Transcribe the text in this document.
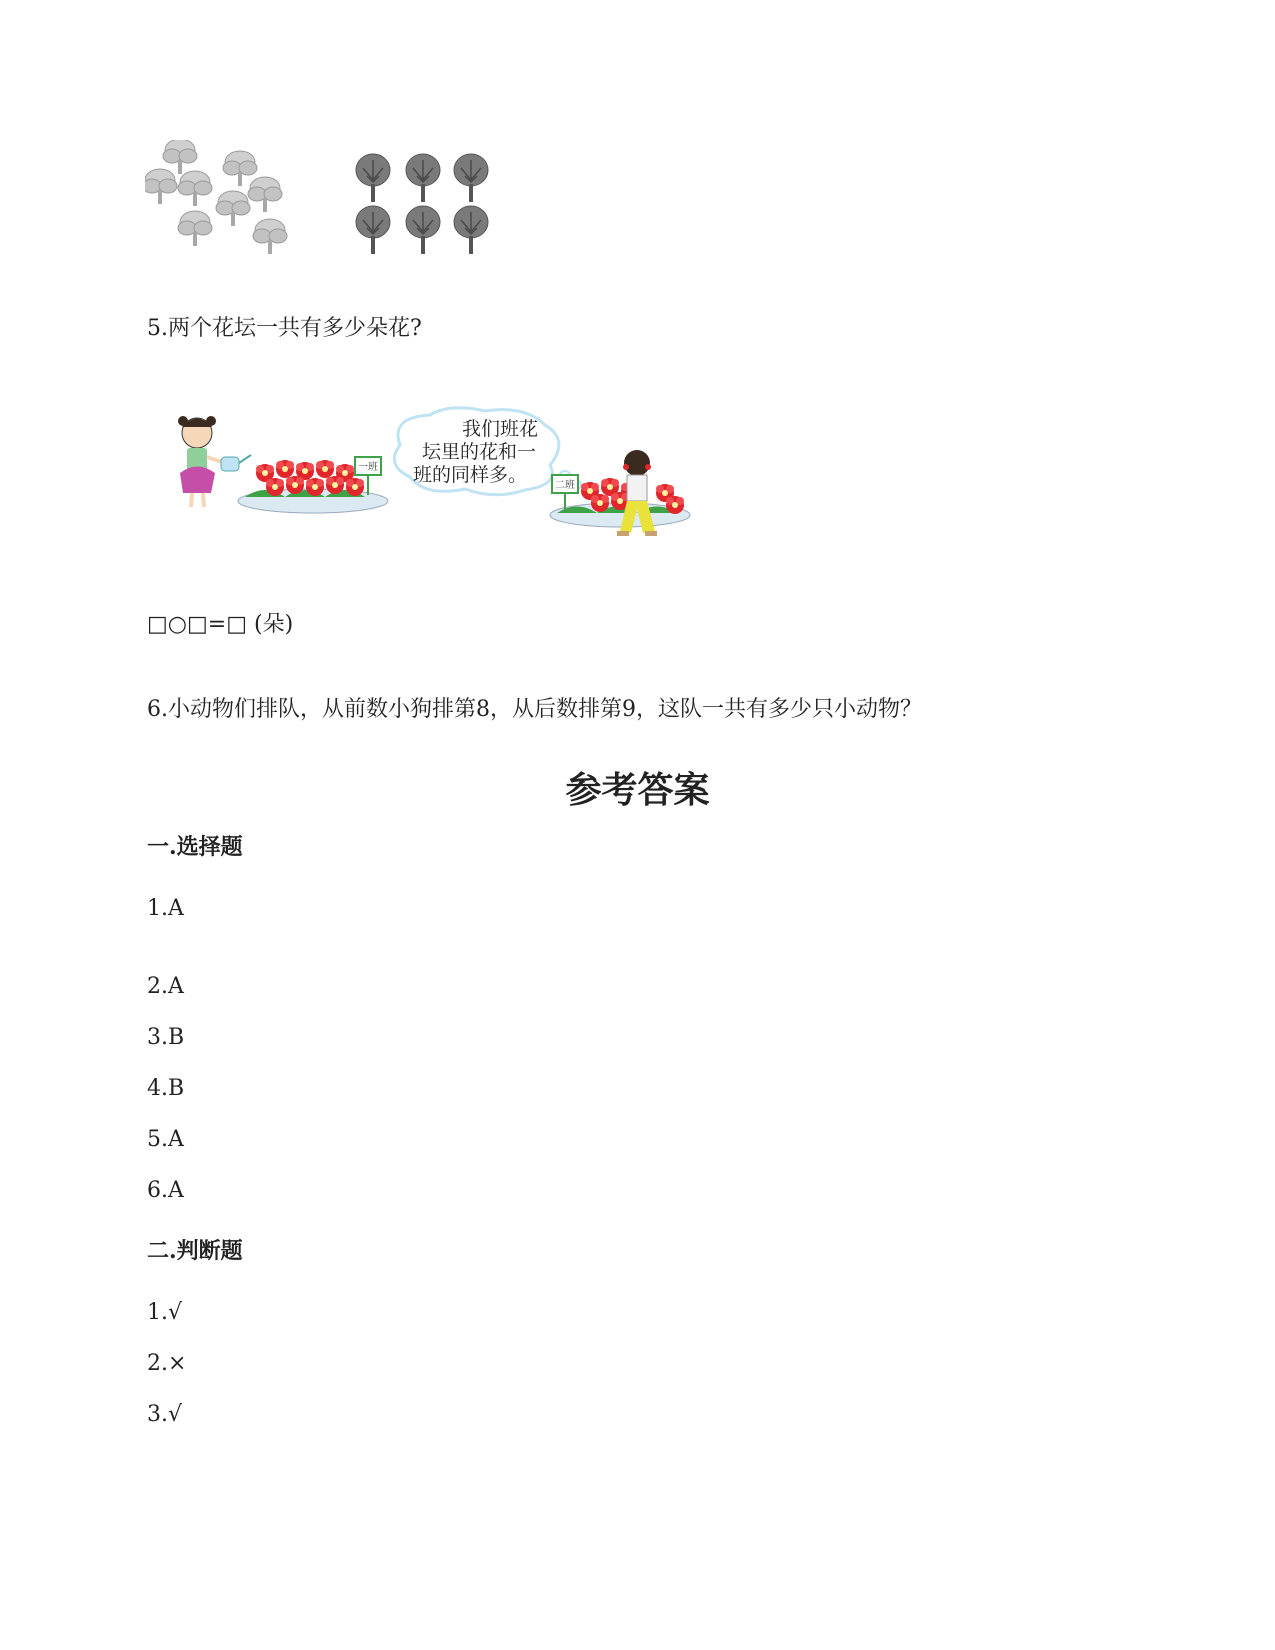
5.两个花坛一共有多少朵花?
一班
我们班花
坛里的花和一
班的同样多。	二班
□○□=□ (朵)
6.小动物们排队，从前数小狗排第8，从后数排第9，这队一共有多少只小动物？
参考答案
一.选择题
1.A
2.A
3.B
4.B
5.A
6.A
二.判断题
1.√
2.×
3.√
